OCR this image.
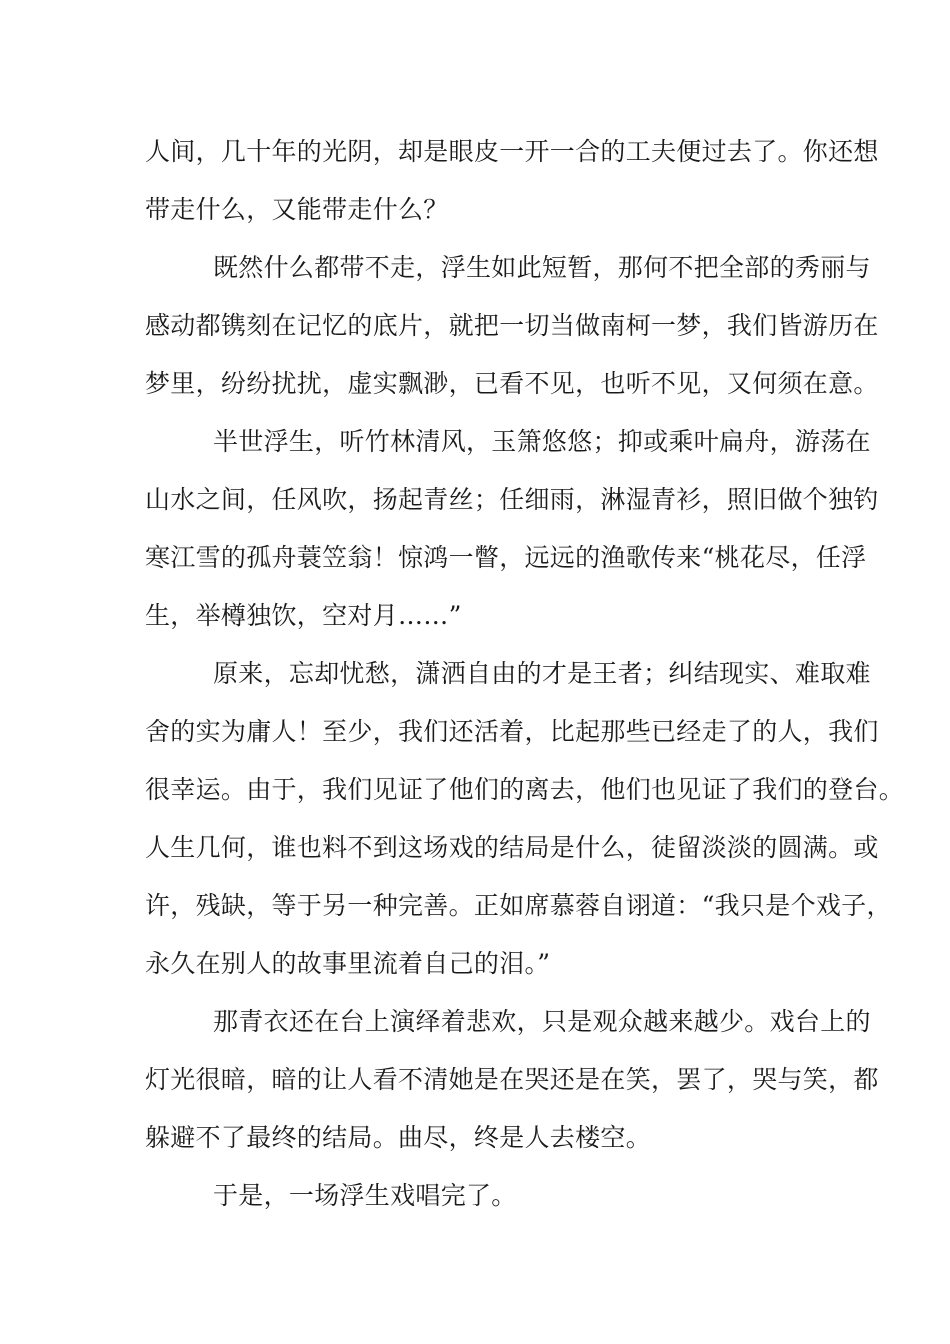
人间，几十年的光阴，却是眼皮一开一合的工夫便过去了。你还想

带走什么，又能带走什么？

既然什么都带不走，浮生如此短暂，那何不把全部的秀丽与

感动都镌刻在记忆的底片，就把一切当做南柯一梦，我们皆游历在

梦里，纷纷扰扰，虚实飘渺，已看不见，也听不见，又何须在意。

半世浮生，听竹林清风，玉箫悠悠；抑或乘叶扁舟，游荡在

山水之间，任风吹，扬起青丝；任细雨，淋湿青衫，照旧做个独钓

寒江雪的孤舟蓑笠翁！惊鸿一瞥，远远的渔歌传来“桃花尽，任浮

生，举樽独饮，空对月……”

原来，忘却忧愁，潇洒自由的才是王者；纠结现实、难取难

舍的实为庸人！至少，我们还活着，比起那些已经走了的人，我们

很幸运。由于，我们见证了他们的离去，他们也见证了我们的登台。

人生几何，谁也料不到这场戏的结局是什么，徒留淡淡的圆满。或

许，残缺，等于另一种完善。正如席慕蓉自诩道：“我只是个戏子，

永久在别人的故事里流着自己的泪。”

那青衣还在台上演绎着悲欢，只是观众越来越少。戏台上的

灯光很暗，暗的让人看不清她是在哭还是在笑，罢了，哭与笑，都

躲避不了最终的结局。曲尽，终是人去楼空。

于是，一场浮生戏唱完了。
